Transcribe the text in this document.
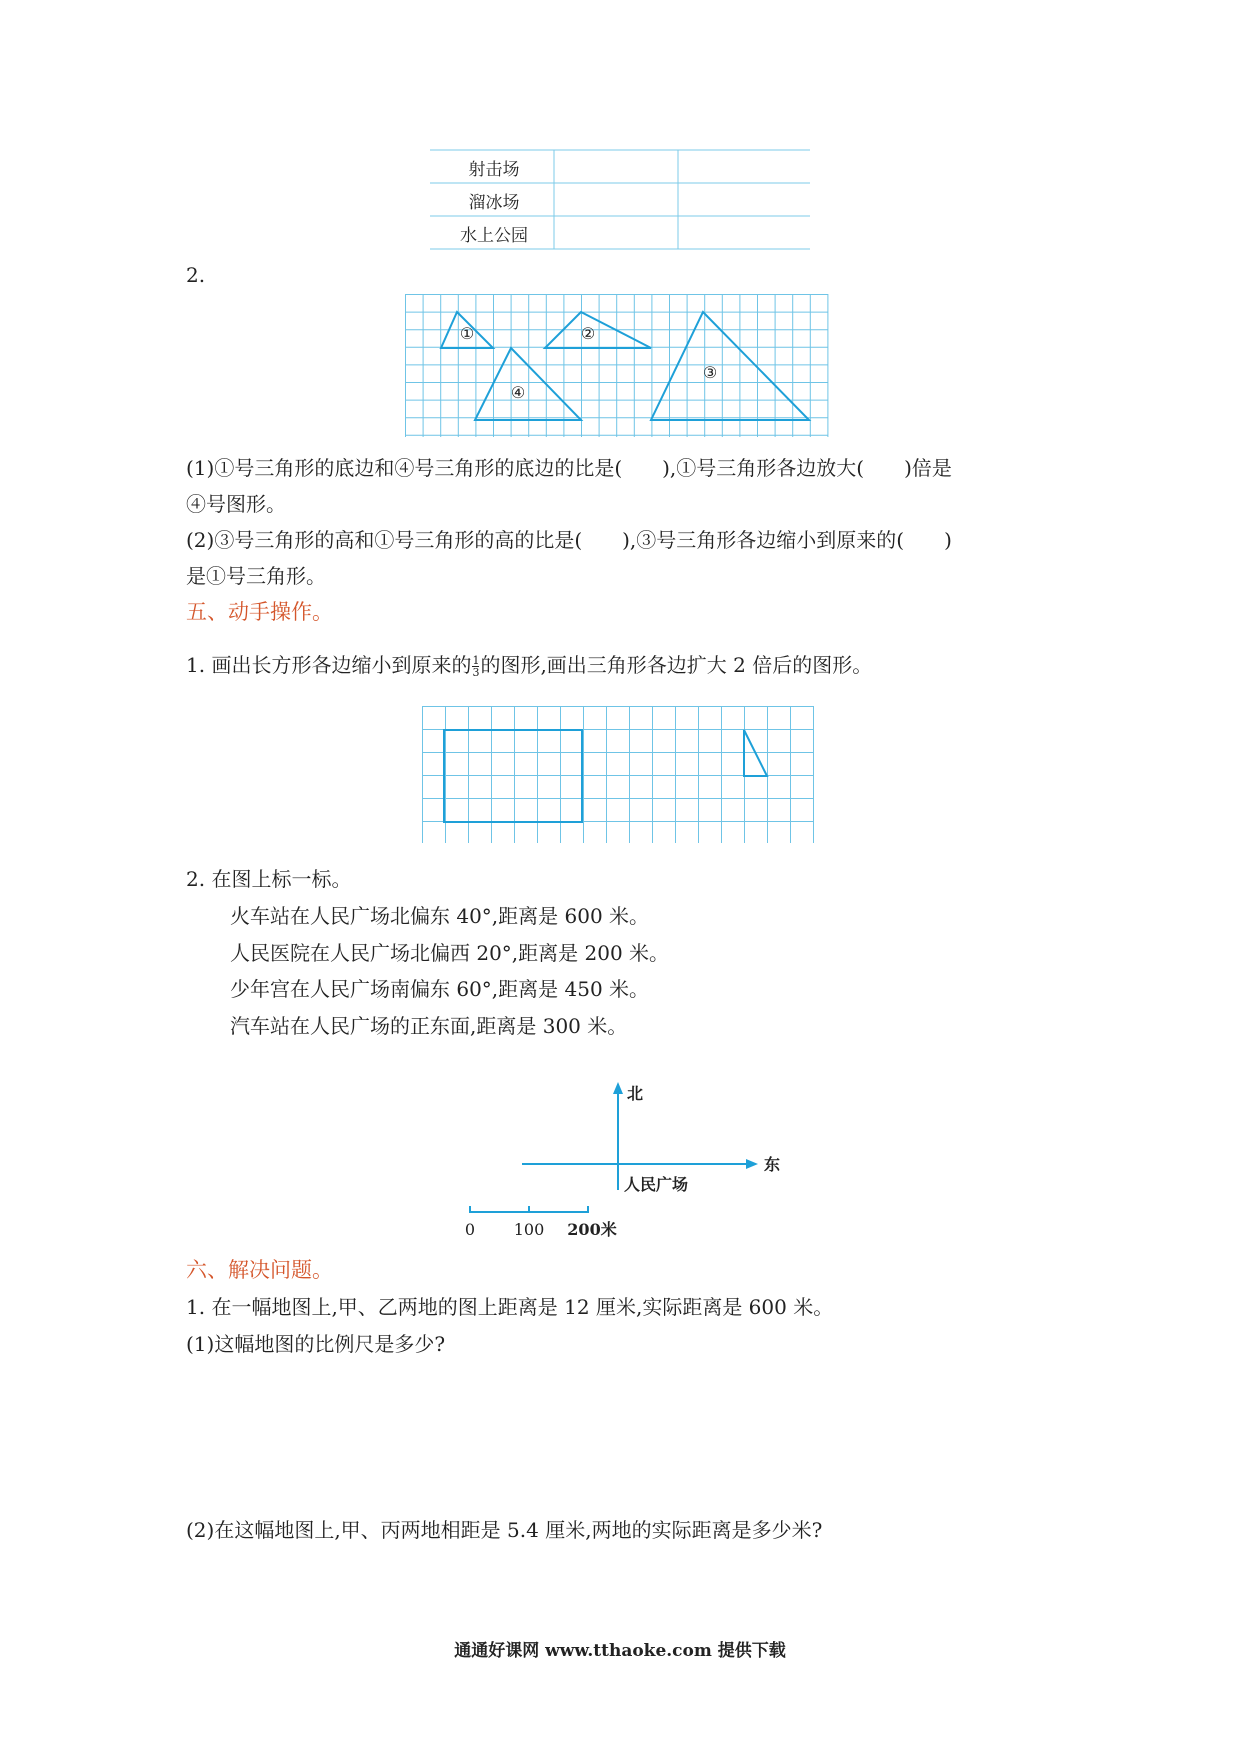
射击场
溜冰场
水上公园
2.
①	②
③
④
(1)①号三角形的底边和④号三角形的底边的比是(　　),①号三角形各边放大(　　)倍是
④号图形。
(2)③号三角形的高和①号三角形的高的比是(　　),③号三角形各边缩小到原来的(　　)
是①号三角形。
五、动手操作。
1. 画出长方形各边缩小到原来的 $\frac{1}{3}$ 的图形,画出三角形各边扩大 2 倍后的图形。
2. 在图上标一标。
火车站在人民广场北偏东 40°,距离是 600 米。
人民医院在人民广场北偏西 20°,距离是 200 米。
少年宫在人民广场南偏东 60°,距离是 450 米。
汽车站在人民广场的正东面,距离是 300 米。
北
东
人民广场
0 100 200米
六、解决问题。
1. 在一幅地图上,甲、乙两地的图上距离是 12 厘米,实际距离是 600 米。
(1)这幅地图的比例尺是多少?
(2)在这幅地图上,甲、丙两地相距是 5.4 厘米,两地的实际距离是多少米?
通通好课网 www.tthaoke.com 提供下载
